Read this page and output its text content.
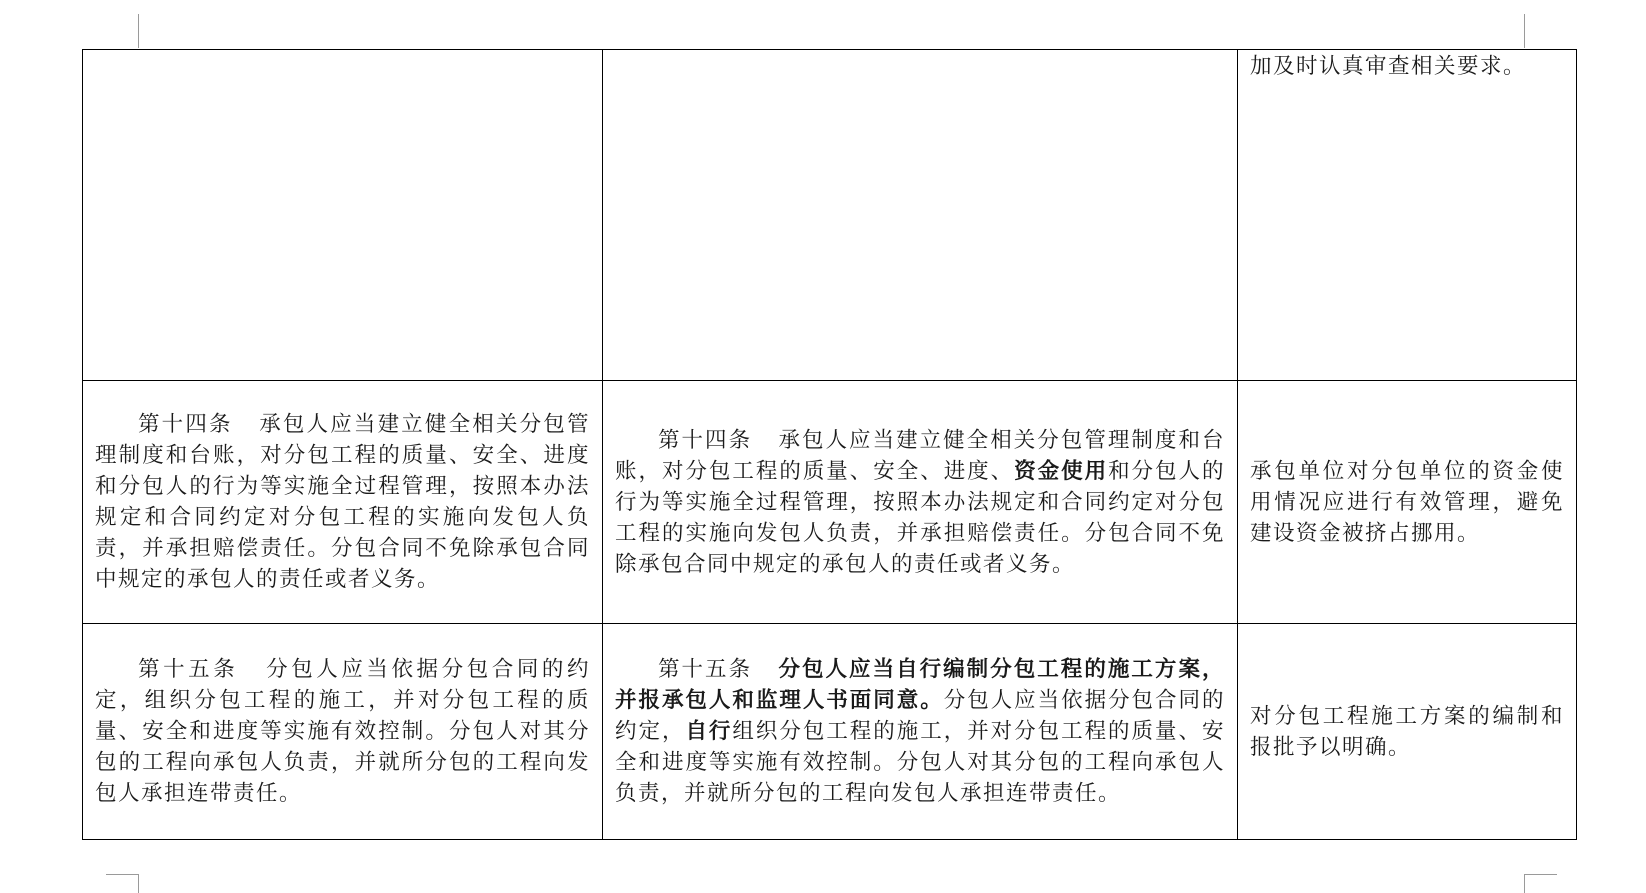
		加及时认真审查相关要求。

第十四条 承包人应当建立健全相关分包管理制度和台账，对分包工程的质量、安全、进度和分包人的行为等实施全过程管理，按照本办法规定和合同约定对分包工程的实施向发包人负责，并承担赔偿责任。分包合同不免除承包合同中规定的承包人的责任或者义务。	第十四条 承包人应当建立健全相关分包管理制度和台账，对分包工程的质量、安全、进度、资金使用和分包人的行为等实施全过程管理，按照本办法规定和合同约定对分包工程的实施向发包人负责，并承担赔偿责任。分包合同不免除承包合同中规定的承包人的责任或者义务。	承包单位对分包单位的资金使用情况应进行有效管理，避免建设资金被挤占挪用。

第十五条 分包人应当依据分包合同的约定，组织分包工程的施工，并对分包工程的质量、安全和进度等实施有效控制。分包人对其分包的工程向承包人负责，并就所分包的工程向发包人承担连带责任。	第十五条 分包人应当自行编制分包工程的施工方案，并报承包人和监理人书面同意。分包人应当依据分包合同的约定，自行组织分包工程的施工，并对分包工程的质量、安全和进度等实施有效控制。分包人对其分包的工程向承包人负责，并就所分包的工程向发包人承担连带责任。	对分包工程施工方案的编制和报批予以明确。
